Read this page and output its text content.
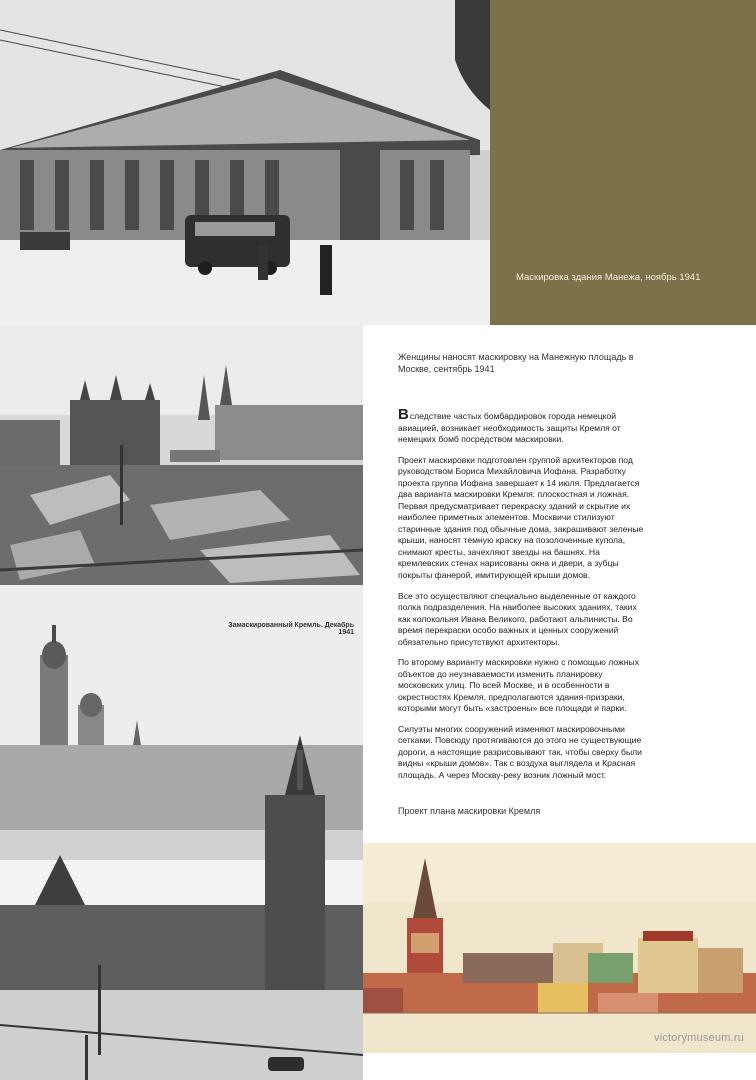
Маскировка здания Манежа, ноябрь 1941
Замаскированный Кремль. Декабрь 1941
Женщины наносят маскировку на Манежную площадь в Москве, сентябрь 1941

Вследствие частых бомбардировок города немецкой авиацией, возникает необходимость защиты Кремля от немецких бомб посредством маскировки.

Проект маскировки подготовлен группой архитекторов под руководством Бориса Михайловича Иофана. Разработку проекта группа Иофана завершает к 14 июля. Предлагается два варианта маскировки Кремля: плоскостная и ложная. Первая предусматривает перекраску зданий и скрытие их наиболее приметных элементов. Москвичи стилизуют старинные здания под обычные дома, закрашивают зеленые крыши, наносят темную краску на позолоченные купола, снимают кресты, зачехляют звезды на башнях. На кремлевских стенах нарисованы окна и двери, а зубцы покрыты фанерой, имитирующей крыши домов.

Все это осуществляют специально выделенные от каждого полка подразделения. На наиболее высоких зданиях, таких как колокольня Ивана Великого, работают альпинисты. Во время перекраски особо важных и ценных сооружений обязательно присутствуют архитекторы.

По второму варианту маскировки нужно с помощью ложных объектов до неузнаваемости изменить планировку московских улиц. По всей Москве, и в особенности в окрестностях Кремля, предполагаются здания-призраки, которыми могут быть «застроены» все площади и парки.

Силуэты многих сооружений изменяют маскировочными сетками. Повсюду протягиваются до этого не существующие дороги, а настоящие разрисовывают так, чтобы сверху были видны «крыши домов». Так с воздуха выглядела и Красная площадь. А через Москву-реку возник ложный мост.

Проект плана маскировки Кремля
victorymuseum.ru
